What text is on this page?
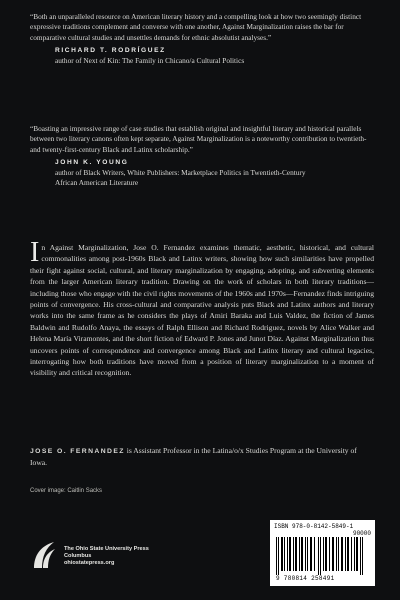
“Both an unparalleled resource on American literary history and a compelling look at how two seemingly distinct expressive traditions complement and converse with one another, Against Marginalization raises the bar for comparative cultural studies and unsettles demands for ethnic absolutist analyses.”

RICHARD T. RODRÍGUEZ
author of Next of Kin: The Family in Chicano/a Cultural Politics

“Boasting an impressive range of case studies that establish original and insightful literary and historical parallels between two literary canons often kept separate, Against Marginalization is a noteworthy contribution to twentieth- and twenty-first-century Black and Latinx scholarship.”

JOHN K. YOUNG
author of Black Writers, White Publishers: Marketplace Politics in Twentieth-Century
African American Literature
I n Against Marginalization, Jose O. Fernandez examines thematic, aesthetic, historical, and cultural commonalities among post-1960s Black and Latinx writers, showing how such similarities have propelled their fight against social, cultural, and literary marginalization by engaging, adopting, and subverting elements from the larger American literary tradition. Drawing on the work of scholars in both literary traditions—including those who engage with the civil rights movements of the 1960s and 1970s—Fernandez finds intriguing points of convergence. His cross-cultural and comparative analysis puts Black and Latinx authors and literary works into the same frame as he considers the plays of Amiri Baraka and Luis Valdez, the fiction of James Baldwin and Rudolfo Anaya, the essays of Ralph Ellison and Richard Rodriguez, novels by Alice Walker and Helena María Viramontes, and the short fiction of Edward P. Jones and Junot Díaz. Against Marginalization thus uncovers points of correspondence and convergence among Black and Latinx literary and cultural legacies, interrogating how both traditions have moved from a position of literary marginalization to a moment of visibility and critical recognition.
JOSE O. FERNANDEZ is Assistant Professor in the Latina/o/x Studies Program at the University of Iowa.
Cover image: Caitlin Sacks
The Ohio State University Press
Columbus
ohiostatepress.org
ISBN 978-0-8142-5849-1
90000
9 780814 258491
